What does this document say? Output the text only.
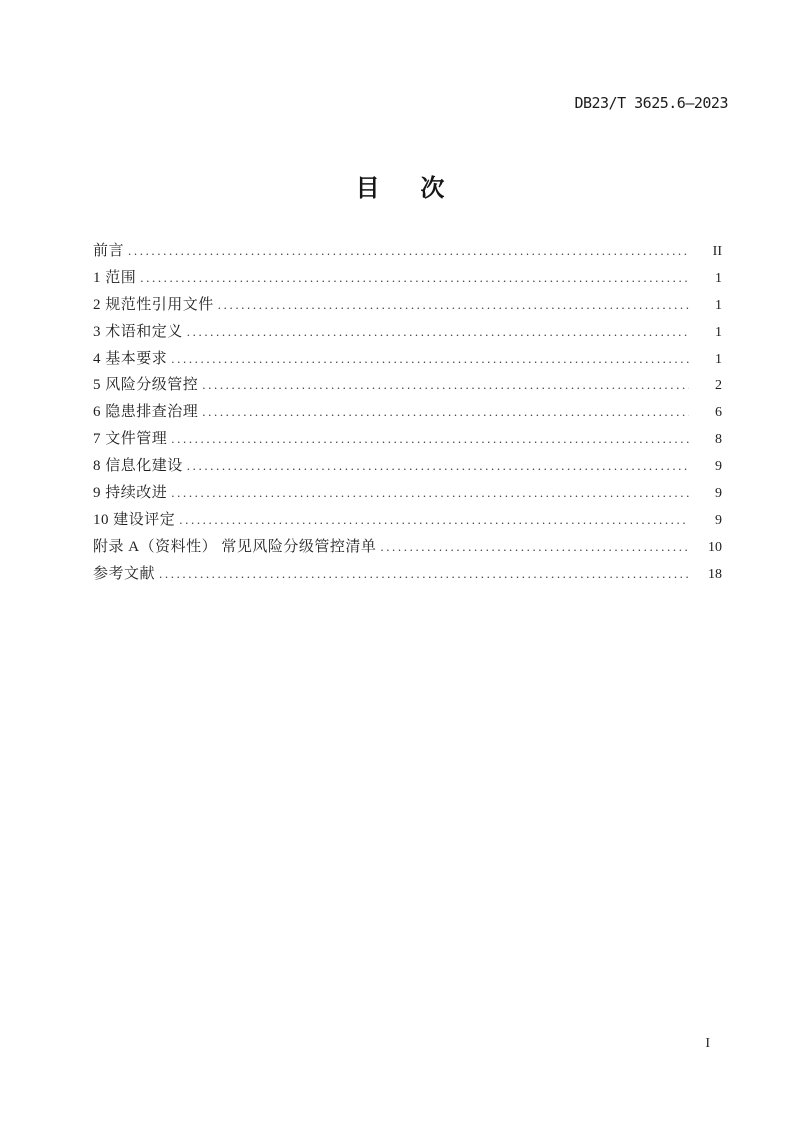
DB23/T 3625.6—2023
目 次
前言 .....	II
1 范围 .....	1
2 规范性引用文件 .....	1
3 术语和定义 .....	1
4 基本要求 .....	1
5 风险分级管控 .....	2
6 隐患排查治理 .....	6
7 文件管理 .....	8
8 信息化建设 .....	9
9 持续改进 .....	9
10 建设评定 .....	9
附录 A（资料性） 常见风险分级管控清单 .....	10
参考文献 .....	18
I
